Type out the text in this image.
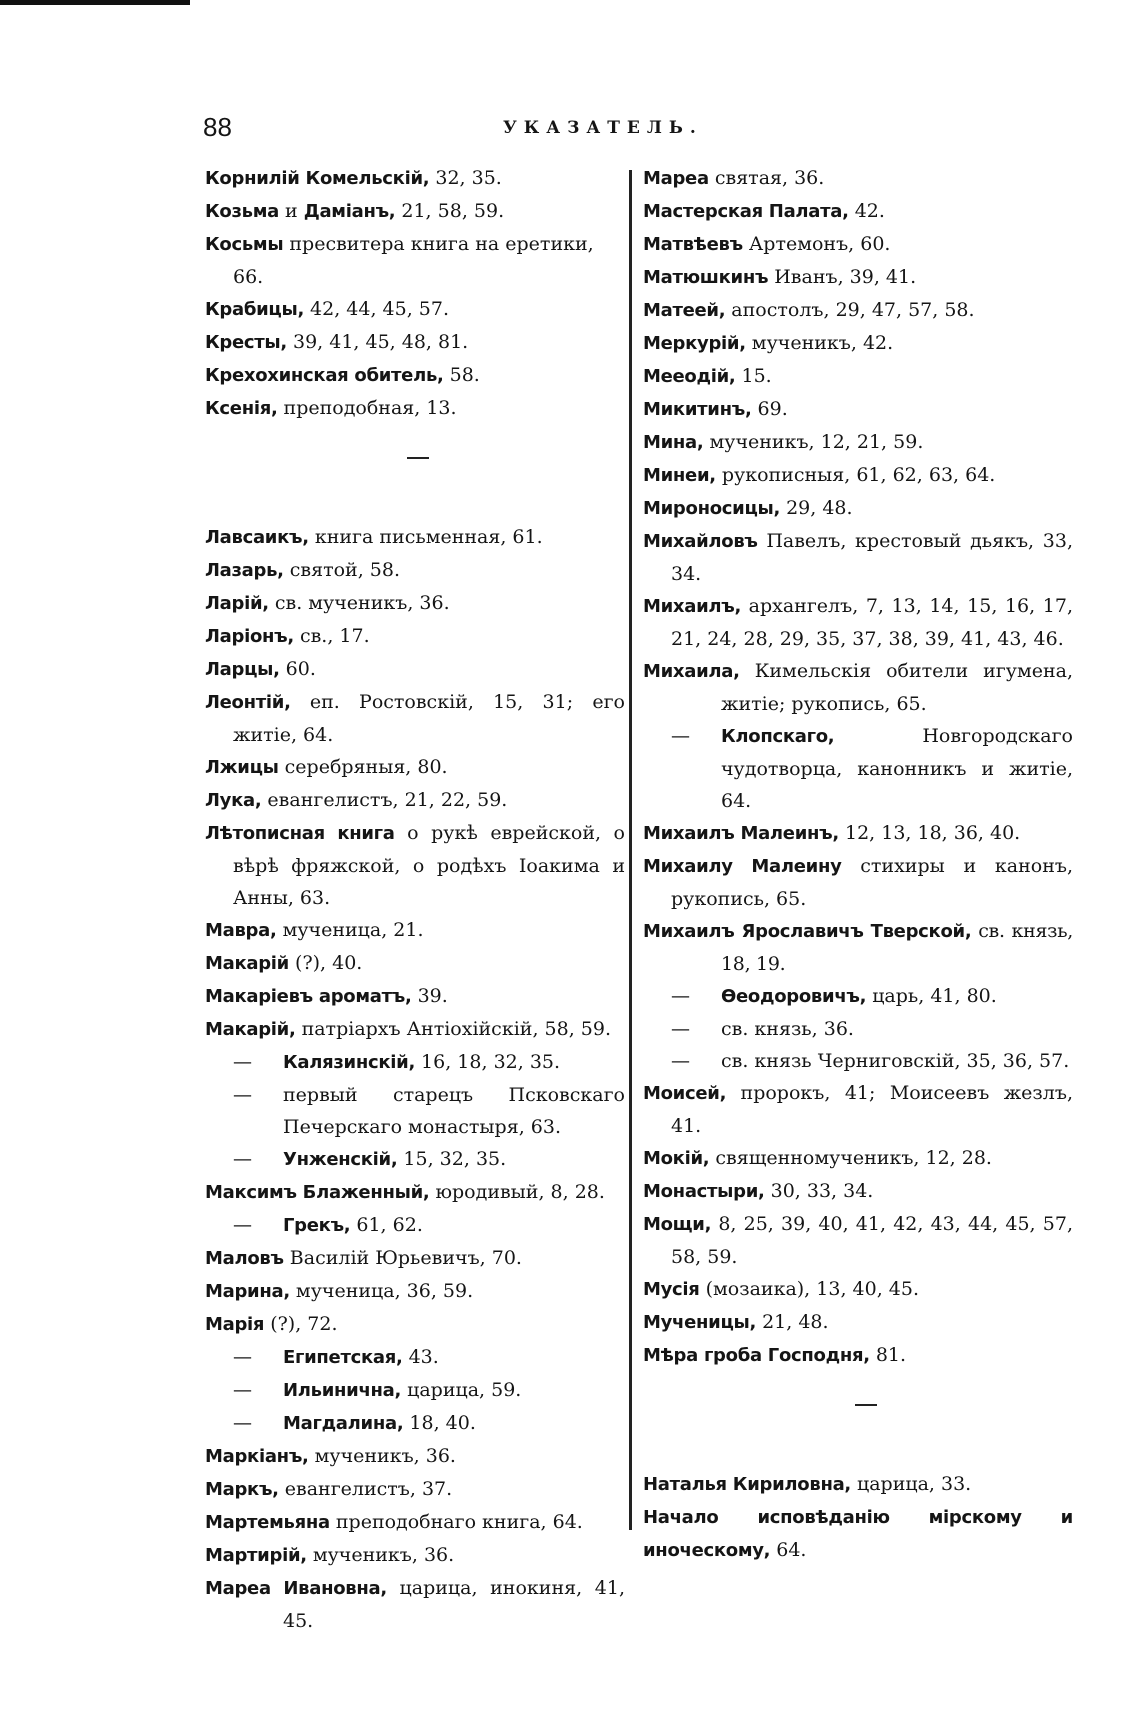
88	УКАЗАТЕЛЬ.

Корнилій Комельскій, 32, 35.

Козьма и Даміанъ, 21, 58, 59.

Косьмы пресвитера книга на еретики, 66.

Крабицы, 42, 44, 45, 57.

Кресты, 39, 41, 45, 48, 81.

Крехохинская обитель, 58.

Ксенія, преподобная, 13.

Лавсаикъ, книга письменная, 61.

Лазарь, святой, 58.

Ларій, св. мученикъ, 36.

Ларіонъ, св., 17.

Ларцы, 60.

Леонтій, еп. Ростовскій, 15, 31; его житіе, 64.

Лжицы серебряныя, 80.

Лука, евангелистъ, 21, 22, 59.

Лѣтописная книга о рукѣ еврейской, о вѣрѣ фряжской, о родѣхъ Іоакима и Анны, 63.

Мавра, мученица, 21.

Макарій (?), 40.

Макаріевъ ароматъ, 39.

Макарій, патріархъ Антіохійскій, 58, 59.

— Калязинскій, 16, 18, 32, 35.

— первый старецъ Псковскаго Печерскаго монастыря, 63.

— Унженскій, 15, 32, 35.

Максимъ Блаженный, юродивый, 8, 28.

— Грекъ, 61, 62.

Маловъ Василій Юрьевичъ, 70.

Марина, мученица, 36, 59.

Марія (?), 72.

— Египетская, 43.

— Ильинична, царица, 59.

— Магдалина, 18, 40.

Маркіанъ, мученикъ, 36.

Маркъ, евангелистъ, 37.

Мартемьяна преподобнаго книга, 64.

Мартирій, мученикъ, 36.

Мареа Ивановна, царица, инокиня, 41, 45.

Мареа святая, 36.

Мастерская Палата, 42.

Матвѣевъ Артемонъ, 60.

Матюшкинъ Иванъ, 39, 41.

Матеей, апостолъ, 29, 47, 57, 58.

Меркурій, мученикъ, 42.

Мееодій, 15.

Микитинъ, 69.

Мина, мученикъ, 12, 21, 59.

Минеи, рукописныя, 61, 62, 63, 64.

Мироносицы, 29, 48.

Михайловъ Павелъ, крестовый дьякъ, 33, 34.

Михаилъ, архангелъ, 7, 13, 14, 15, 16, 17, 21, 24, 28, 29, 35, 37, 38, 39, 41, 43, 46.

Михаила, Кимельскія обители игумена, житіе; рукопись, 65.

— Клопскаго, Новгородскаго чудотворца, канонникъ и житіе, 64.

Михаилъ Малеинъ, 12, 13, 18, 36, 40.

Михаилу Малеину стихиры и канонъ, рукопись, 65.

Михаилъ Ярославичъ Тверской, св. князь, 18, 19.

— Өеодоровичъ, царь, 41, 80.

— св. князь, 36.

— св. князь Черниговскій, 35, 36, 57.

Моисей, пророкъ, 41; Моисеевъ жезлъ, 41.

Мокій, священномученикъ, 12, 28.

Монастыри, 30, 33, 34.

Мощи, 8, 25, 39, 40, 41, 42, 43, 44, 45, 57, 58, 59.

Мусія (мозаика), 13, 40, 45.

Мученицы, 21, 48.

Мѣра гроба Господня, 81.

Наталья Кириловна, царица, 33.

Начало исповѣданію мірскому и иноческому, 64.
